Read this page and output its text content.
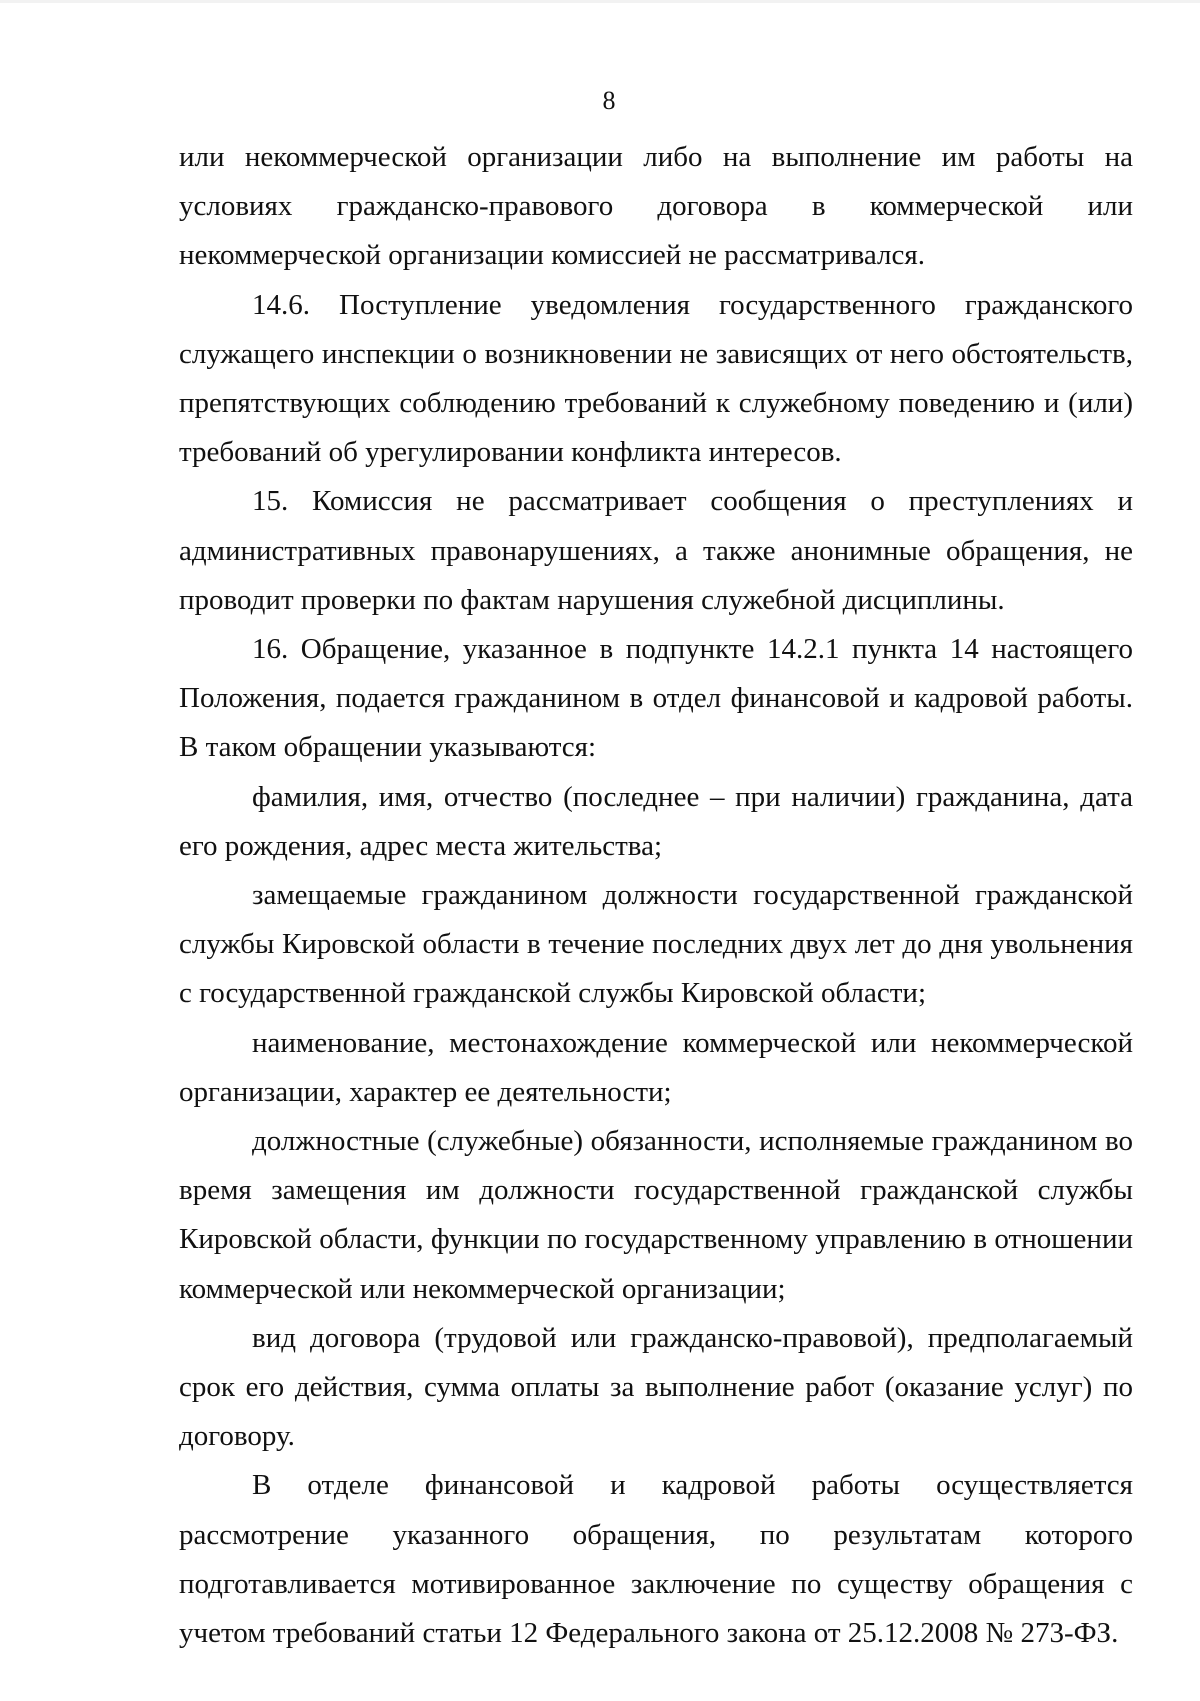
8

или некоммерческой организации либо на выполнение им работы на условиях гражданско-правового договора в коммерческой или некоммерческой организации комиссией не рассматривался.

14.6. Поступление уведомления государственного гражданского служащего инспекции о возникновении не зависящих от него обстоятельств, препятствующих соблюдению требований к служебному поведению и (или) требований об урегулировании конфликта интересов.

15. Комиссия не рассматривает сообщения о преступлениях и административных правонарушениях, а также анонимные обращения, не проводит проверки по фактам нарушения служебной дисциплины.

16. Обращение, указанное в подпункте 14.2.1 пункта 14 настоящего Положения, подается гражданином в отдел финансовой и кадровой работы. В таком обращении указываются:

фамилия, имя, отчество (последнее – при наличии) гражданина, дата его рождения, адрес места жительства;

замещаемые гражданином должности государственной гражданской службы Кировской области в течение последних двух лет до дня увольнения с государственной гражданской службы Кировской области;

наименование, местонахождение коммерческой или некоммерческой организации, характер ее деятельности;

должностные (служебные) обязанности, исполняемые гражданином во время замещения им должности государственной гражданской службы Кировской области, функции по государственному управлению в отношении коммерческой или некоммерческой организации;

вид договора (трудовой или гражданско-правовой), предполагаемый срок его действия, сумма оплаты за выполнение работ (оказание услуг) по договору.

В отделе финансовой и кадровой работы осуществляется рассмотрение указанного обращения, по результатам которого подготавливается мотивированное заключение по существу обращения с учетом требований статьи 12 Федерального закона от 25.12.2008 № 273-ФЗ.
